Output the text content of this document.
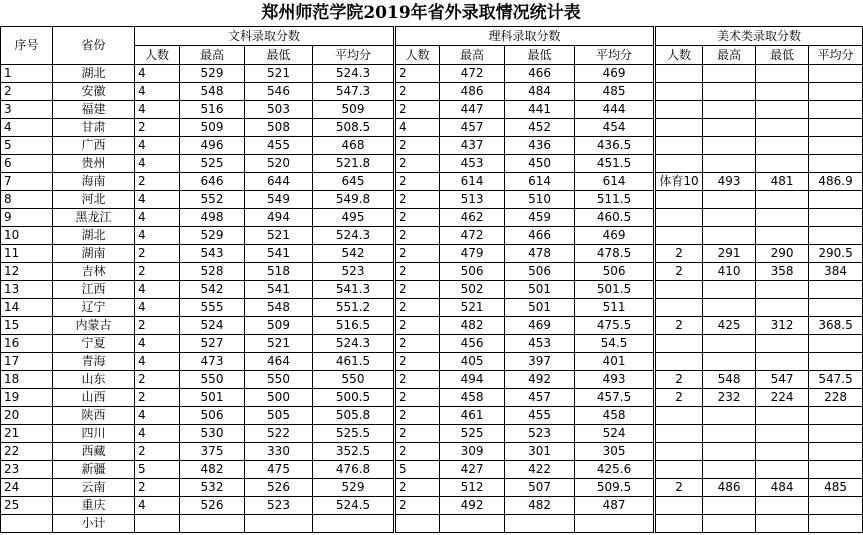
郑州师范学院2019年省外录取情况统计表
序号	省份	文科录取分数				理科录取分数				美术类录取分数			
		人数	最高	最低	平均分	人数	最高	最低	平均分	人数	最高	最低	平均分
1	湖北	4	529	521	524.3	2	472	466	469				
2	安徽	4	548	546	547.3	2	486	484	485				
3	福建	4	516	503	509	2	447	441	444				
4	甘肃	2	509	508	508.5	4	457	452	454				
5	广西	4	496	455	468	2	437	436	436.5				
6	贵州	4	525	520	521.8	2	453	450	451.5				
7	海南	2	646	644	645	2	614	614	614	体育10	493	481	486.9
8	河北	4	552	549	549.8	2	513	510	511.5				
9	黑龙江	4	498	494	495	2	462	459	460.5				
10	湖北	4	529	521	524.3	2	472	466	469				
11	湖南	2	543	541	542	2	479	478	478.5	2	291	290	290.5
12	吉林	2	528	518	523	2	506	506	506	2	410	358	384
13	江西	4	542	541	541.3	2	502	501	501.5				
14	辽宁	4	555	548	551.2	2	521	501	511				
15	内蒙古	2	524	509	516.5	2	482	469	475.5	2	425	312	368.5
16	宁夏	4	527	521	524.3	2	456	453	54.5				
17	青海	4	473	464	461.5	2	405	397	401				
18	山东	2	550	550	550	2	494	492	493	2	548	547	547.5
19	山西	2	501	500	500.5	2	458	457	457.5	2	232	224	228
20	陕西	4	506	505	505.8	2	461	455	458				
21	四川	4	530	522	525.5	2	525	523	524				
22	西藏	2	375	330	352.5	2	309	301	305				
23	新疆	5	482	475	476.8	5	427	422	425.6				
24	云南	2	532	526	529	2	512	507	509.5	2	486	484	485
25	重庆	4	526	523	524.5	2	492	482	487				
	小计												
